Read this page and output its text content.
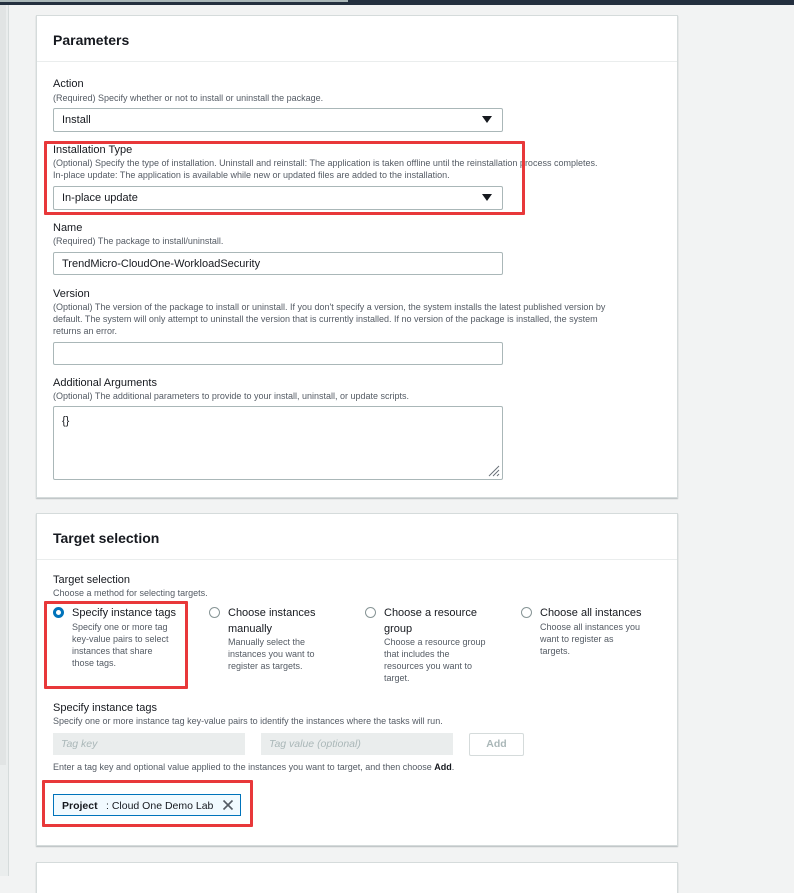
Parameters
Action
(Required) Specify whether or not to install or uninstall the package.
Install
Installation Type
(Optional) Specify the type of installation. Uninstall and reinstall: The application is taken offline until the reinstallation process completes.
In-place update: The application is available while new or updated files are added to the installation.
In-place update
Name
(Required) The package to install/uninstall.
TrendMicro-CloudOne-WorkloadSecurity
Version
(Optional) The version of the package to install or uninstall. If you don't specify a version, the system installs the latest published version by
default. The system will only attempt to uninstall the version that is currently installed. If no version of the package is installed, the system
returns an error.
Additional Arguments
(Optional) The additional parameters to provide to your install, uninstall, or update scripts.
{}
Target selection
Target selection
Choose a method for selecting targets.
Specify instance tags
Specify one or more tag
key-value pairs to select
instances that share
those tags.
Choose instances
manually
Manually select the
instances you want to
register as targets.
Choose a resource
group
Choose a resource group
that includes the
resources you want to
target.
Choose all instances
Choose all instances you
want to register as
targets.
Specify instance tags
Specify one or more instance tag key-value pairs to identify the instances where the tasks will run.
Tag key	Tag value (optional)	Add
Enter a tag key and optional value applied to the instances you want to target, and then choose Add.
Project : Cloud One Demo Lab
